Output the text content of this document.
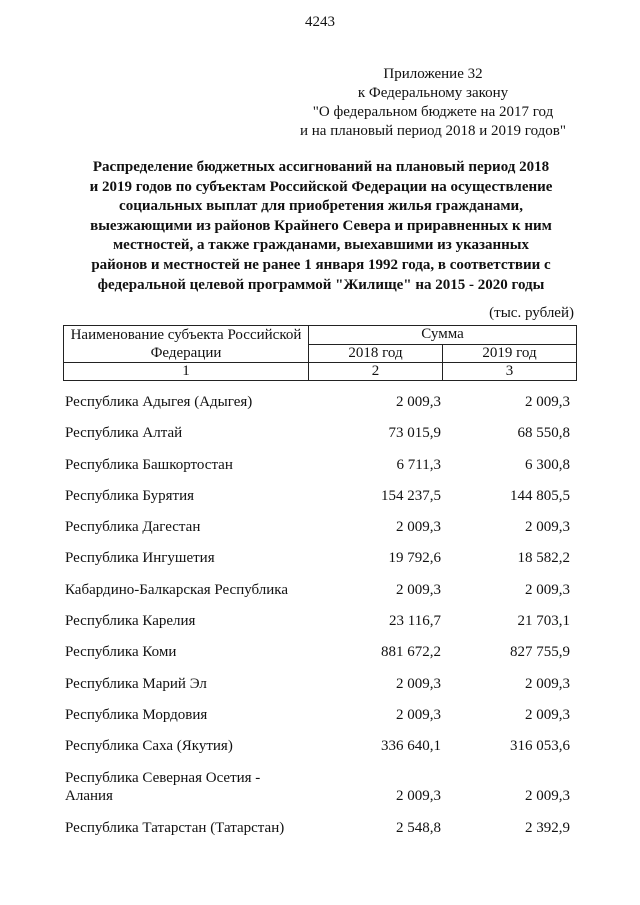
4243
Приложение 32
к Федеральному закону
"О федеральном бюджете на 2017 год
и на плановый период 2018 и 2019 годов"
Распределение бюджетных ассигнований на плановый период 2018
и 2019 годов по субъектам Российской Федерации на осуществление
социальных выплат для приобретения жилья гражданами,
выезжающими из районов Крайнего Севера и приравненных к ним
местностей, а также гражданами, выехавшими из указанных
районов и местностей не ранее 1 января 1992 года, в соответствии с
федеральной целевой программой "Жилище" на 2015 - 2020 годы
(тыс. рублей)
Наименование субъекта Российской
Федерации	Сумма	
	2018 год	2019 год
1	2	3
Республика Адыгея (Адыгея)	2 009,3	2 009,3
Республика Алтай	73 015,9	68 550,8
Республика Башкортостан	6 711,3	6 300,8
Республика Бурятия	154 237,5	144 805,5
Республика Дагестан	2 009,3	2 009,3
Республика Ингушетия	19 792,6	18 582,2
Кабардино-Балкарская Республика	2 009,3	2 009,3
Республика Карелия	23 116,7	21 703,1
Республика Коми	881 672,2	827 755,9
Республика Марий Эл	2 009,3	2 009,3
Республика Мордовия	2 009,3	2 009,3
Республика Саха (Якутия)	336 640,1	316 053,6
Республика Северная Осетия -
Алания	2 009,3	2 009,3
Республика Татарстан (Татарстан)	2 548,8	2 392,9
